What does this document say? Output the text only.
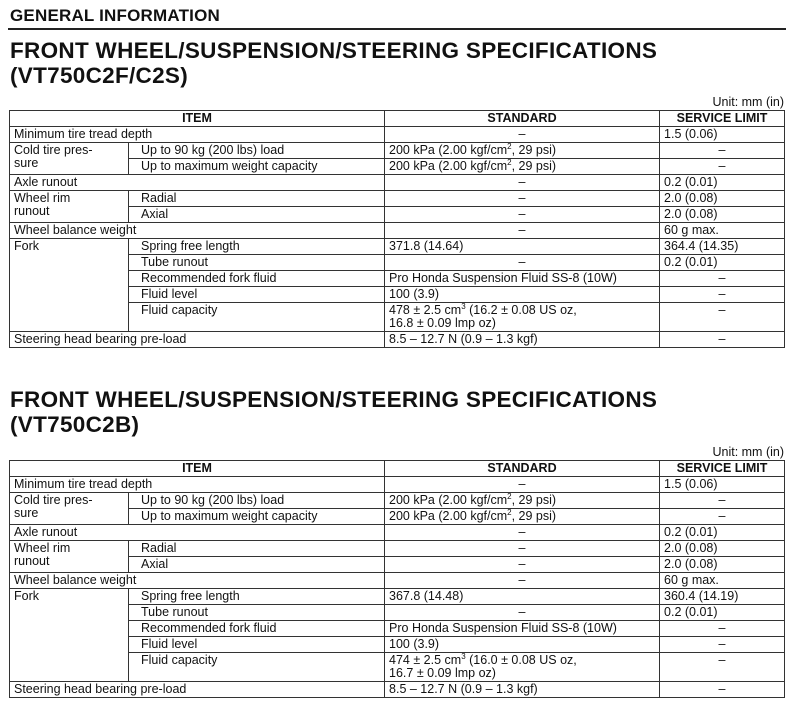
GENERAL INFORMATION
FRONT WHEEL/SUSPENSION/STEERING SPECIFICATIONS
(VT750C2F/C2S)
Unit: mm (in)
ITEM		STANDARD	SERVICE LIMIT
Minimum tire tread depth		–	1.5 (0.06)

Cold tire pres-
sure	Up to 90 kg (200 lbs) load	200 kPa (2.00 kgf/$cm^2$, 29 psi)	–
	Up to maximum weight capacity	200 kPa (2.00 kgf/$cm^2$, 29 psi)	–
Axle runout		–	0.2 (0.01)

Wheel rim
runout	Radial	–	2.0 (0.08)
	Axial	–	2.0 (0.08)
Wheel balance weight		–	60 g max.
Fork	Spring free length	371.8 (14.64)	364.4 (14.35)
	Tube runout	–	0.2 (0.01)
	Recommended fork fluid	Pro Honda Suspension Fluid SS-8 (10W)	–
	Fluid level	100 (3.9)	–
	Fluid capacity	478 ± 2.5 $cm^3$ (16.2 ± 0.08 US oz,
16.8 ± 0.09 lmp oz)	–
Steering head bearing pre-load		8.5 – 12.7 N (0.9 – 1.3 kgf)	–
FRONT WHEEL/SUSPENSION/STEERING SPECIFICATIONS
(VT750C2B)
Unit: mm (in)
ITEM		STANDARD	SERVICE LIMIT
Minimum tire tread depth		–	1.5 (0.06)

Cold tire pres-
sure	Up to 90 kg (200 lbs) load	200 kPa (2.00 kgf/$cm^2$, 29 psi)	–
	Up to maximum weight capacity	200 kPa (2.00 kgf/$cm^2$, 29 psi)	–
Axle runout		–	0.2 (0.01)

Wheel rim
runout	Radial	–	2.0 (0.08)
	Axial	–	2.0 (0.08)
Wheel balance weight		–	60 g max.
Fork	Spring free length	367.8 (14.48)	360.4 (14.19)
	Tube runout	–	0.2 (0.01)
	Recommended fork fluid	Pro Honda Suspension Fluid SS-8 (10W)	–
	Fluid level	100 (3.9)	–
	Fluid capacity	474 ± 2.5 $cm^3$ (16.0 ± 0.08 US oz,
16.7 ± 0.09 lmp oz)	–
Steering head bearing pre-load		8.5 – 12.7 N (0.9 – 1.3 kgf)	–
